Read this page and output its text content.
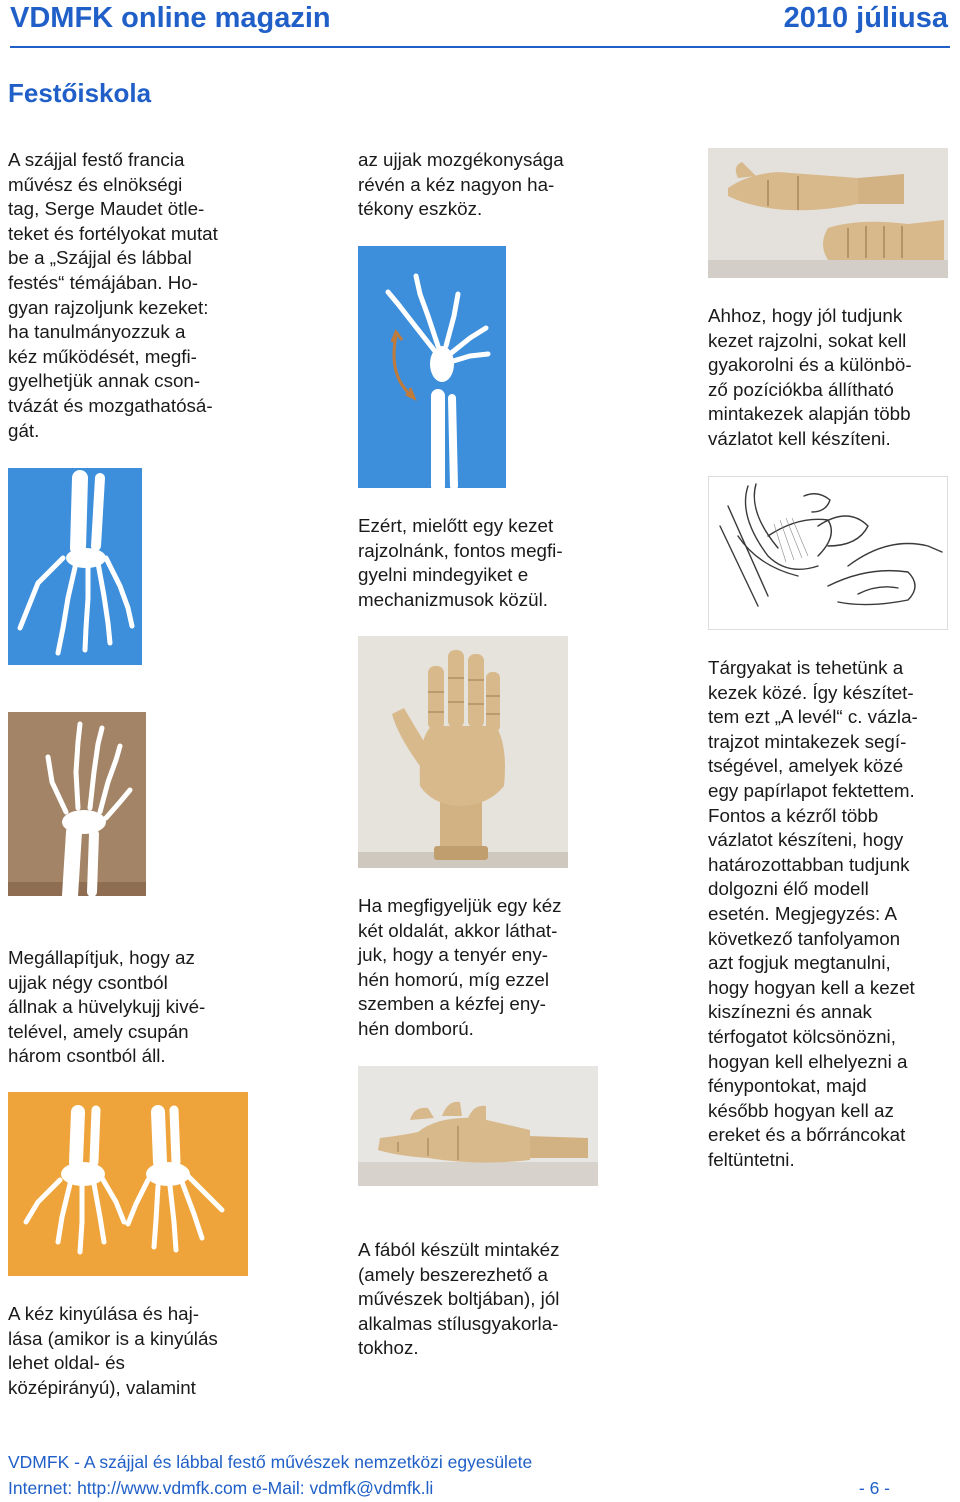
VDMFK online magazin	2010 júliusa
Festőiskola
A szájjal festő francia
művész és elnökségi
tag, Serge Maudet ötle-
teket és fortélyokat mutat
be a „Szájjal és lábbal
festés“ témájában. Ho-
gyan rajzoljunk kezeket:
ha tanulmányozzuk a
kéz működését, megfi-
gyelhetjük annak cson-
tvázát és mozgathatósá-
gát.
Megállapítjuk, hogy az
ujjak négy csontból
állnak a hüvelykujj kivé-
telével, amely csupán
három csontból áll.
A kéz kinyúlása és haj-
lása (amikor is a kinyúlás
lehet oldal- és
középirányú), valamint
az ujjak mozgékonysága
révén a kéz nagyon ha-
tékony eszköz.
Ezért, mielőtt egy kezet
rajzolnánk, fontos megfi-
gyelni mindegyiket e
mechanizmusok közül.
Ha megfigyeljük egy kéz
két oldalát, akkor láthat-
juk, hogy a tenyér eny-
hén homorú, míg ezzel
szemben a kézfej eny-
hén domború.
A fából készült mintakéz
(amely beszerezhető a
művészek boltjában), jól
alkalmas stílusgyakorla-
tokhoz.
Ahhoz, hogy jól tudjunk
kezet rajzolni, sokat kell
gyakorolni és a különbö-
ző pozíciókba állítható
mintakezek alapján több
vázlatot kell készíteni.
Tárgyakat is tehetünk a
kezek közé. Így készítet-
tem ezt „A levél“ c. vázla-
trajzot mintakezek segí-
tségével, amelyek közé
egy papírlapot fektettem.
Fontos a kézről több
vázlatot készíteni, hogy
határozottabban tudjunk
dolgozni élő modell
esetén. Megjegyzés: A
következő tanfolyamon
azt fogjuk megtanulni,
hogy hogyan kell a kezet
kiszínezni és annak
térfogatot kölcsönözni,
hogyan kell elhelyezni a
fénypontokat, majd
később hogyan kell az
ereket és a bőrráncokat
feltüntetni.
VDMFK - A szájjal és lábbal festő művészek nemzetközi egyesülete
Internet: http://www.vdmfk.com e-Mail: vdmfk@vdmfk.li	- 6 -
